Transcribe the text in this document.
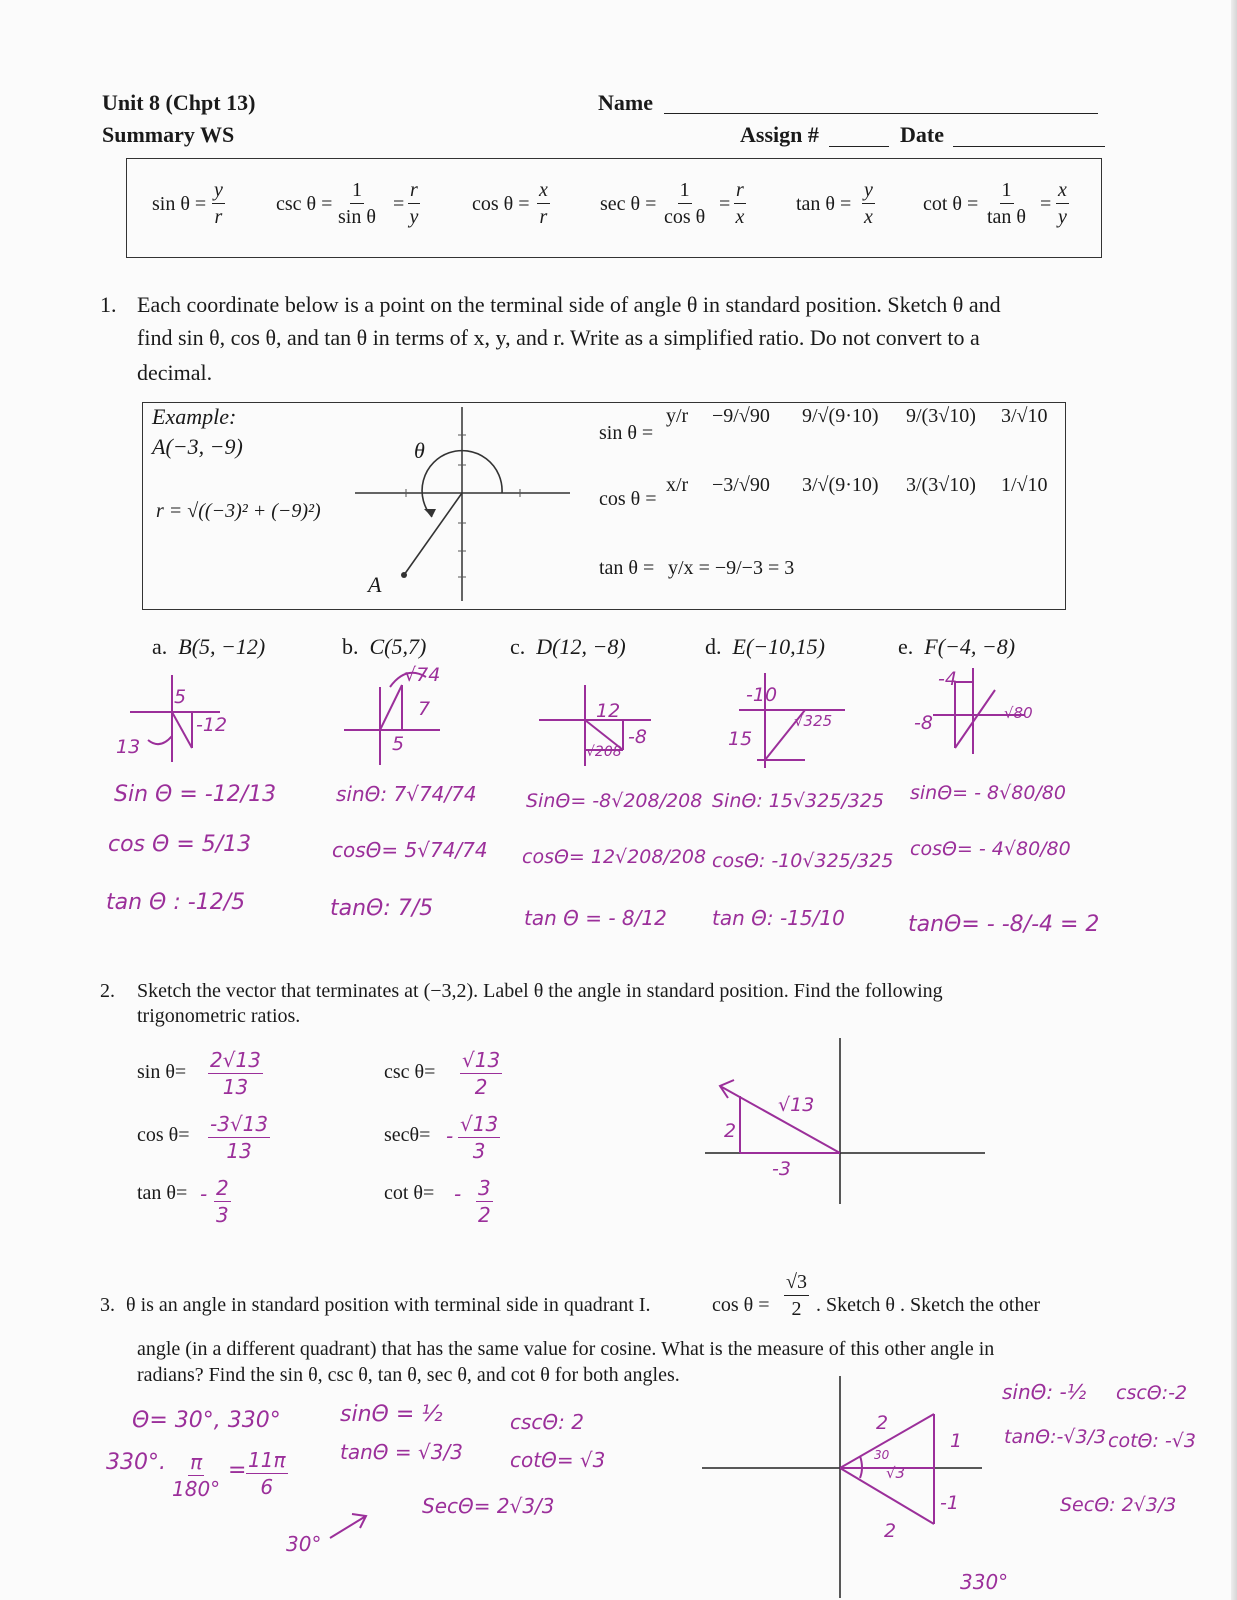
Unit 8 (Chpt 13)
Summary WS
Name
Assign #	Date
$\sin \theta = \frac{y}{r}$	$\csc \theta = \frac{1}{\text{sin θ}} = \frac{r}{y}$	$\cos \theta = \frac{x}{r}$	$\sec \theta = \frac{1}{\text{cos θ}} = \frac{r}{x}$	$\tan \theta = \frac{y}{x}$ $\cot \theta = \frac{1}{\text{tan θ}} = \frac{x}{y}$
1. Each coordinate below is a point on the terminal side of angle θ in standard position. Sketch θ and
find sin θ, cos θ, and tan θ in terms of x, y, and r. Write as a simplified ratio. Do not convert to a
decimal.
Example:
A(−3, −9)
r = √((−3)² + (−9)²)
θ
A
sin θ =
y/r −9/√90 9/√(9·10) 9/(3√10) 3/√10
cos θ =
x/r −3/√90 3/√(9·10) 3/(3√10) 1/√10
tan θ = y/x = −9/−3 = 3
a. B(5, −12)	b. C(5,7)	c. D(12, −8)	d. E(−10,15)	e. F(−4, −8)
5
-12
13
√74
7
5
12
-8
√208
-10
15
√325
-4
-8	√80
Sin Θ = -12/13
cos Θ = 5/13
tan Θ : -12/5
sinΘ: 7√74/74
cosΘ= 5√74/74
tanΘ: 7/5
SinΘ= -8√208/208
cosΘ= 12√208/208
tan Θ = - 8/12
SinΘ: 15√325/325
cosΘ: -10√325/325
tan Θ: -15/10
sinΘ= - 8√80/80
cosΘ= - 4√80/80
tanΘ= - -8/-4 = 2
2. Sketch the vector that terminates at (−3,2). Label θ the angle in standard position. Find the following
trigonometric ratios.
$\sin \theta= \frac{2√13}{13}$
$\cos \theta= \frac{-3√13}{13}$
$\tan \theta= - \frac{2}{3}$
$\csc \theta= \frac{√13}{2}$
$\sec\theta= - \frac{√13}{3}$
$\cot \theta= - \frac{3}{2}$
√13
2
-3
3. θ is an angle in standard position with terminal side in quadrant I.	$\cos \theta = \frac{√3}{2}$ . Sketch θ . Sketch the other
angle (in a different quadrant) that has the same value for cosine. What is the measure of this other angle in
radians? Find the sin θ, csc θ, tan θ, sec θ, and cot θ for both angles.
Θ= 30°, 330°
330°. $\frac{\pi}{180^\circ} = \frac{11\pi}{6}$
sinΘ = ½
tanΘ = √3/3
cscΘ: 2
cotΘ= √3
SecΘ= 2√3/3
30°
2
30
√3
1
-1
2
330°
sinΘ: -½ cscΘ:-2
tanΘ:-√3/3 cotΘ: -√3
SecΘ: 2√3/3
